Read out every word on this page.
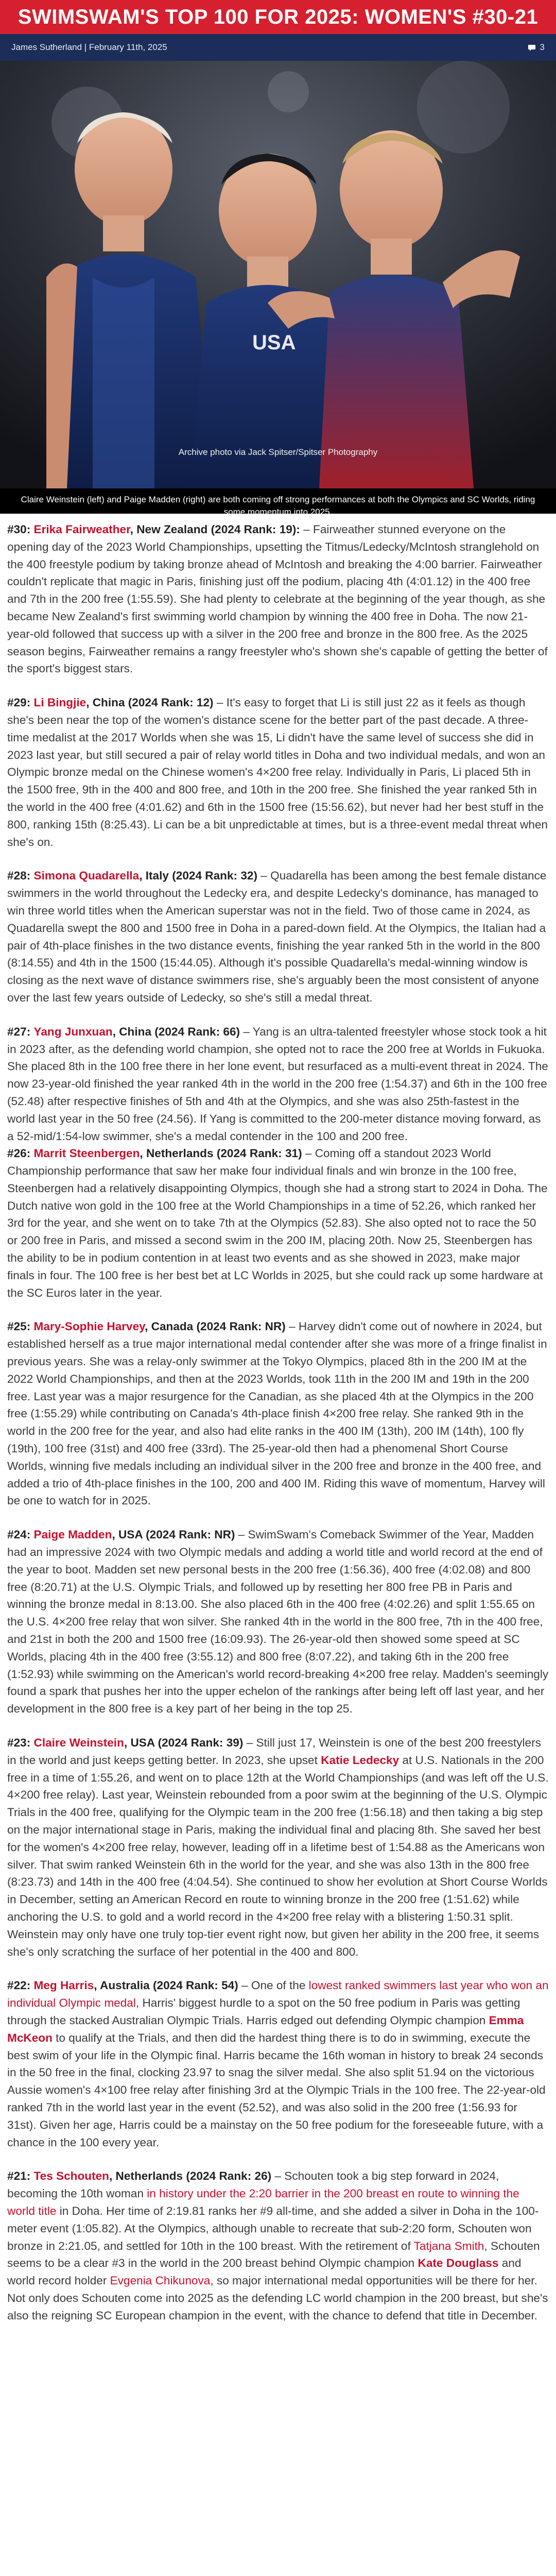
SWIMSWAM'S TOP 100 FOR 2025: WOMEN'S #30-21
James Sutherland | February 11th, 2025	3
USA
Archive photo via Jack Spitser/Spitser Photography
Claire Weinstein (left) and Paige Madden (right) are both coming off strong performances at both the Olympics and SC Worlds, riding some momentum into 2025.

#30: Erika Fairweather, New Zealand (2024 Rank: 19): – Fairweather stunned everyone on the opening day of the 2023 World Championships, upsetting the Titmus/Ledecky/McIntosh stranglehold on the 400 freestyle podium by taking bronze ahead of McIntosh and breaking the 4:00 barrier. Fairweather couldn't replicate that magic in Paris, finishing just off the podium, placing 4th (4:01.12) in the 400 free and 7th in the 200 free (1:55.59). She had plenty to celebrate at the beginning of the year though, as she became New Zealand's first swimming world champion by winning the 400 free in Doha. The now 21-year-old followed that success up with a silver in the 200 free and bronze in the 800 free. As the 2025 season begins, Fairweather remains a rangy freestyler who's shown she's capable of getting the better of the sport's biggest stars.

#29: Li Bingjie, China (2024 Rank: 12) – It's easy to forget that Li is still just 22 as it feels as though she's been near the top of the women's distance scene for the better part of the past decade. A three-time medalist at the 2017 Worlds when she was 15, Li didn't have the same level of success she did in 2023 last year, but still secured a pair of relay world titles in Doha and two individual medals, and won an Olympic bronze medal on the Chinese women's 4×200 free relay. Individually in Paris, Li placed 5th in the 1500 free, 9th in the 400 and 800 free, and 10th in the 200 free. She finished the year ranked 5th in the world in the 400 free (4:01.62) and 6th in the 1500 free (15:56.62), but never had her best stuff in the 800, ranking 15th (8:25.43). Li can be a bit unpredictable at times, but is a three-event medal threat when she's on.

#28: Simona Quadarella, Italy (2024 Rank: 32) – Quadarella has been among the best female distance swimmers in the world throughout the Ledecky era, and despite Ledecky's dominance, has managed to win three world titles when the American superstar was not in the field. Two of those came in 2024, as Quadarella swept the 800 and 1500 free in Doha in a pared-down field. At the Olympics, the Italian had a pair of 4th-place finishes in the two distance events, finishing the year ranked 5th in the world in the 800 (8:14.55) and 4th in the 1500 (15:44.05). Although it's possible Quadarella's medal-winning window is closing as the next wave of distance swimmers rise, she's arguably been the most consistent of anyone over the last few years outside of Ledecky, so she's still a medal threat.

#27: Yang Junxuan, China (2024 Rank: 66) – Yang is an ultra-talented freestyler whose stock took a hit in 2023 after, as the defending world champion, she opted not to race the 200 free at Worlds in Fukuoka. She placed 8th in the 100 free there in her lone event, but resurfaced as a multi-event threat in 2024. The now 23-year-old finished the year ranked 4th in the world in the 200 free (1:54.37) and 6th in the 100 free (52.48) after respective finishes of 5th and 4th at the Olympics, and she was also 25th-fastest in the world last year in the 50 free (24.56). If Yang is committed to the 200-meter distance moving forward, as a 52-mid/1:54-low swimmer, she's a medal contender in the 100 and 200 free.

#26: Marrit Steenbergen, Netherlands (2024 Rank: 31) – Coming off a standout 2023 World Championship performance that saw her make four individual finals and win bronze in the 100 free, Steenbergen had a relatively disappointing Olympics, though she had a strong start to 2024 in Doha. The Dutch native won gold in the 100 free at the World Championships in a time of 52.26, which ranked her 3rd for the year, and she went on to take 7th at the Olympics (52.83). She also opted not to race the 50 or 200 free in Paris, and missed a second swim in the 200 IM, placing 20th. Now 25, Steenbergen has the ability to be in podium contention in at least two events and as she showed in 2023, make major finals in four. The 100 free is her best bet at LC Worlds in 2025, but she could rack up some hardware at the SC Euros later in the year.

#25: Mary-Sophie Harvey, Canada (2024 Rank: NR) – Harvey didn't come out of nowhere in 2024, but established herself as a true major international medal contender after she was more of a fringe finalist in previous years. She was a relay-only swimmer at the Tokyo Olympics, placed 8th in the 200 IM at the 2022 World Championships, and then at the 2023 Worlds, took 11th in the 200 IM and 19th in the 200 free. Last year was a major resurgence for the Canadian, as she placed 4th at the Olympics in the 200 free (1:55.29) while contributing on Canada's 4th-place finish 4×200 free relay. She ranked 9th in the world in the 200 free for the year, and also had elite ranks in the 400 IM (13th), 200 IM (14th), 100 fly (19th), 100 free (31st) and 400 free (33rd). The 25-year-old then had a phenomenal Short Course Worlds, winning five medals including an individual silver in the 200 free and bronze in the 400 free, and added a trio of 4th-place finishes in the 100, 200 and 400 IM. Riding this wave of momentum, Harvey will be one to watch for in 2025.

#24: Paige Madden, USA (2024 Rank: NR) – SwimSwam's Comeback Swimmer of the Year, Madden had an impressive 2024 with two Olympic medals and adding a world title and world record at the end of the year to boot. Madden set new personal bests in the 200 free (1:56.36), 400 free (4:02.08) and 800 free (8:20.71) at the U.S. Olympic Trials, and followed up by resetting her 800 free PB in Paris and winning the bronze medal in 8:13.00. She also placed 6th in the 400 free (4:02.26) and split 1:55.65 on the U.S. 4×200 free relay that won silver. She ranked 4th in the world in the 800 free, 7th in the 400 free, and 21st in both the 200 and 1500 free (16:09.93). The 26-year-old then showed some speed at SC Worlds, placing 4th in the 400 free (3:55.12) and 800 free (8:07.22), and taking 6th in the 200 free (1:52.93) while swimming on the American's world record-breaking 4×200 free relay. Madden's seemingly found a spark that pushes her into the upper echelon of the rankings after being left off last year, and her development in the 800 free is a key part of her being in the top 25.

#23: Claire Weinstein, USA (2024 Rank: 39) – Still just 17, Weinstein is one of the best 200 freestylers in the world and just keeps getting better. In 2023, she upset Katie Ledecky at U.S. Nationals in the 200 free in a time of 1:55.26, and went on to place 12th at the World Championships (and was left off the U.S. 4×200 free relay). Last year, Weinstein rebounded from a poor swim at the beginning of the U.S. Olympic Trials in the 400 free, qualifying for the Olympic team in the 200 free (1:56.18) and then taking a big step on the major international stage in Paris, making the individual final and placing 8th. She saved her best for the women's 4×200 free relay, however, leading off in a lifetime best of 1:54.88 as the Americans won silver. That swim ranked Weinstein 6th in the world for the year, and she was also 13th in the 800 free (8:23.73) and 14th in the 400 free (4:04.54). She continued to show her evolution at Short Course Worlds in December, setting an American Record en route to winning bronze in the 200 free (1:51.62) while anchoring the U.S. to gold and a world record in the 4×200 free relay with a blistering 1:50.31 split. Weinstein may only have one truly top-tier event right now, but given her ability in the 200 free, it seems she's only scratching the surface of her potential in the 400 and 800.

#22: Meg Harris, Australia (2024 Rank: 54) – One of the lowest ranked swimmers last year who won an individual Olympic medal, Harris' biggest hurdle to a spot on the 50 free podium in Paris was getting through the stacked Australian Olympic Trials. Harris edged out defending Olympic champion Emma McKeon to qualify at the Trials, and then did the hardest thing there is to do in swimming, execute the best swim of your life in the Olympic final. Harris became the 16th woman in history to break 24 seconds in the 50 free in the final, clocking 23.97 to snag the silver medal. She also split 51.94 on the victorious Aussie women's 4×100 free relay after finishing 3rd at the Olympic Trials in the 100 free. The 22-year-old ranked 7th in the world last year in the event (52.52), and was also solid in the 200 free (1:56.93 for 31st). Given her age, Harris could be a mainstay on the 50 free podium for the foreseeable future, with a chance in the 100 every year.

#21: Tes Schouten, Netherlands (2024 Rank: 26) – Schouten took a big step forward in 2024, becoming the 10th woman in history under the 2:20 barrier in the 200 breast en route to winning the world title in Doha. Her time of 2:19.81 ranks her #9 all-time, and she added a silver in Doha in the 100-meter event (1:05.82). At the Olympics, although unable to recreate that sub-2:20 form, Schouten won bronze in 2:21.05, and settled for 10th in the 100 breast. With the retirement of Tatjana Smith, Schouten seems to be a clear #3 in the world in the 200 breast behind Olympic champion Kate Douglass and world record holder Evgenia Chikunova, so major international medal opportunities will be there for her. Not only does Schouten come into 2025 as the defending LC world champion in the 200 breast, but she's also the reigning SC European champion in the event, with the chance to defend that title in December.
